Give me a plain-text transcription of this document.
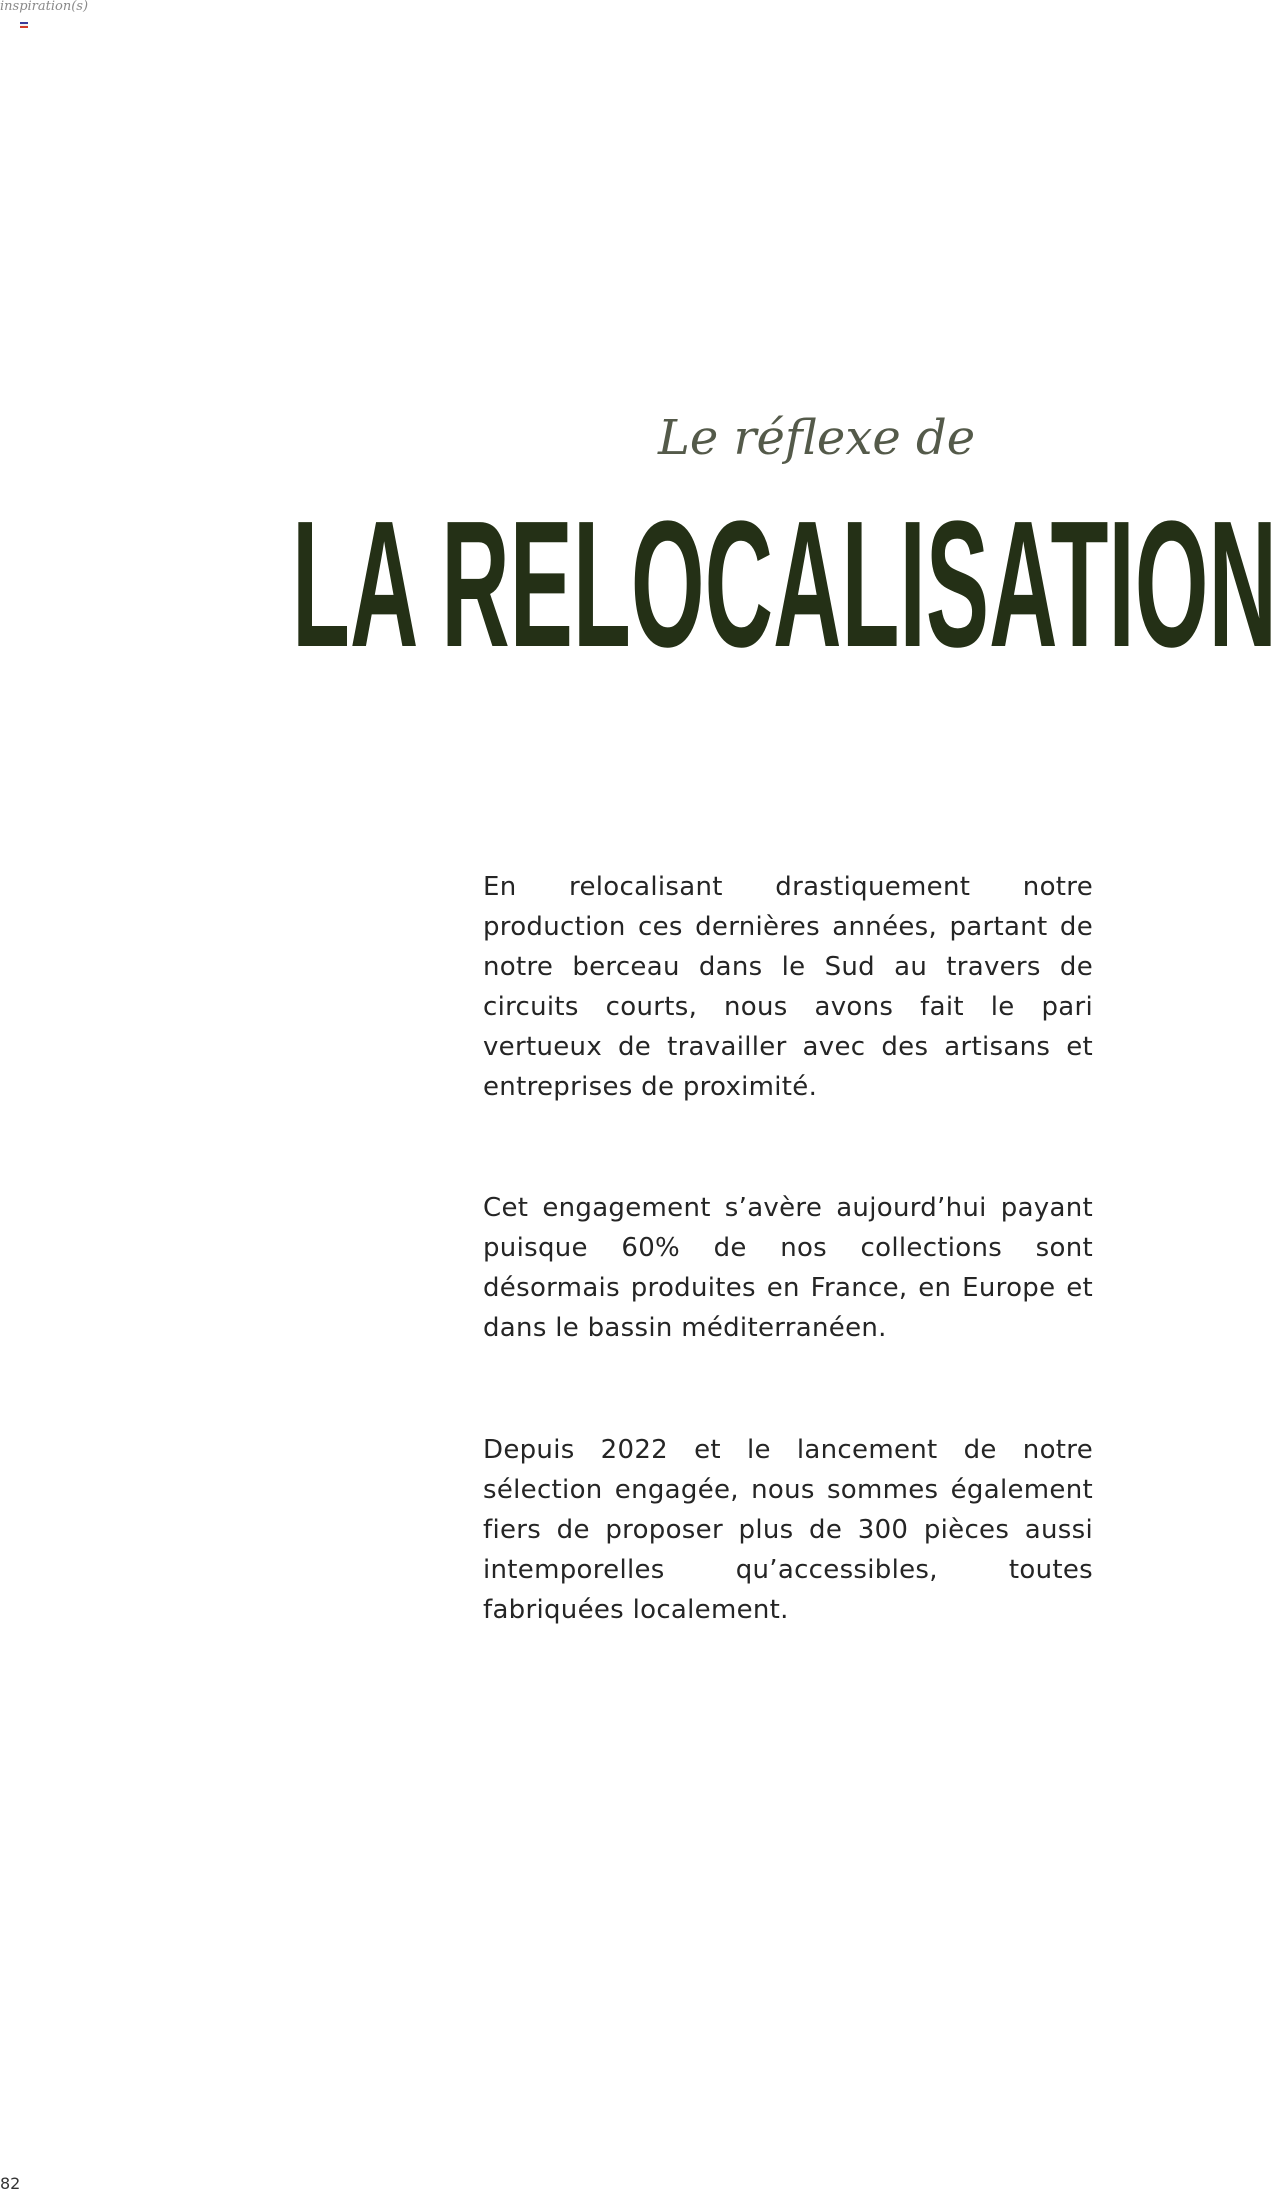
inspiration(s)
Le réflexe de
LA RELOCALISATION
En relocalisant drastiquement notre production ces dernières années, partant de notre berceau dans le Sud au travers de circuits courts, nous avons fait le pari vertueux de travailler avec des artisans et entreprises de proximité.
Cet engagement s’avère aujourd’hui payant puisque 60% de nos collections sont désormais produites en France, en Europe et dans le bassin méditerranéen.
Depuis 2022 et le lancement de notre sélection engagée, nous sommes également fiers de proposer plus de 300 pièces aussi intemporelles qu’accessibles, toutes fabriquées localement.
82
